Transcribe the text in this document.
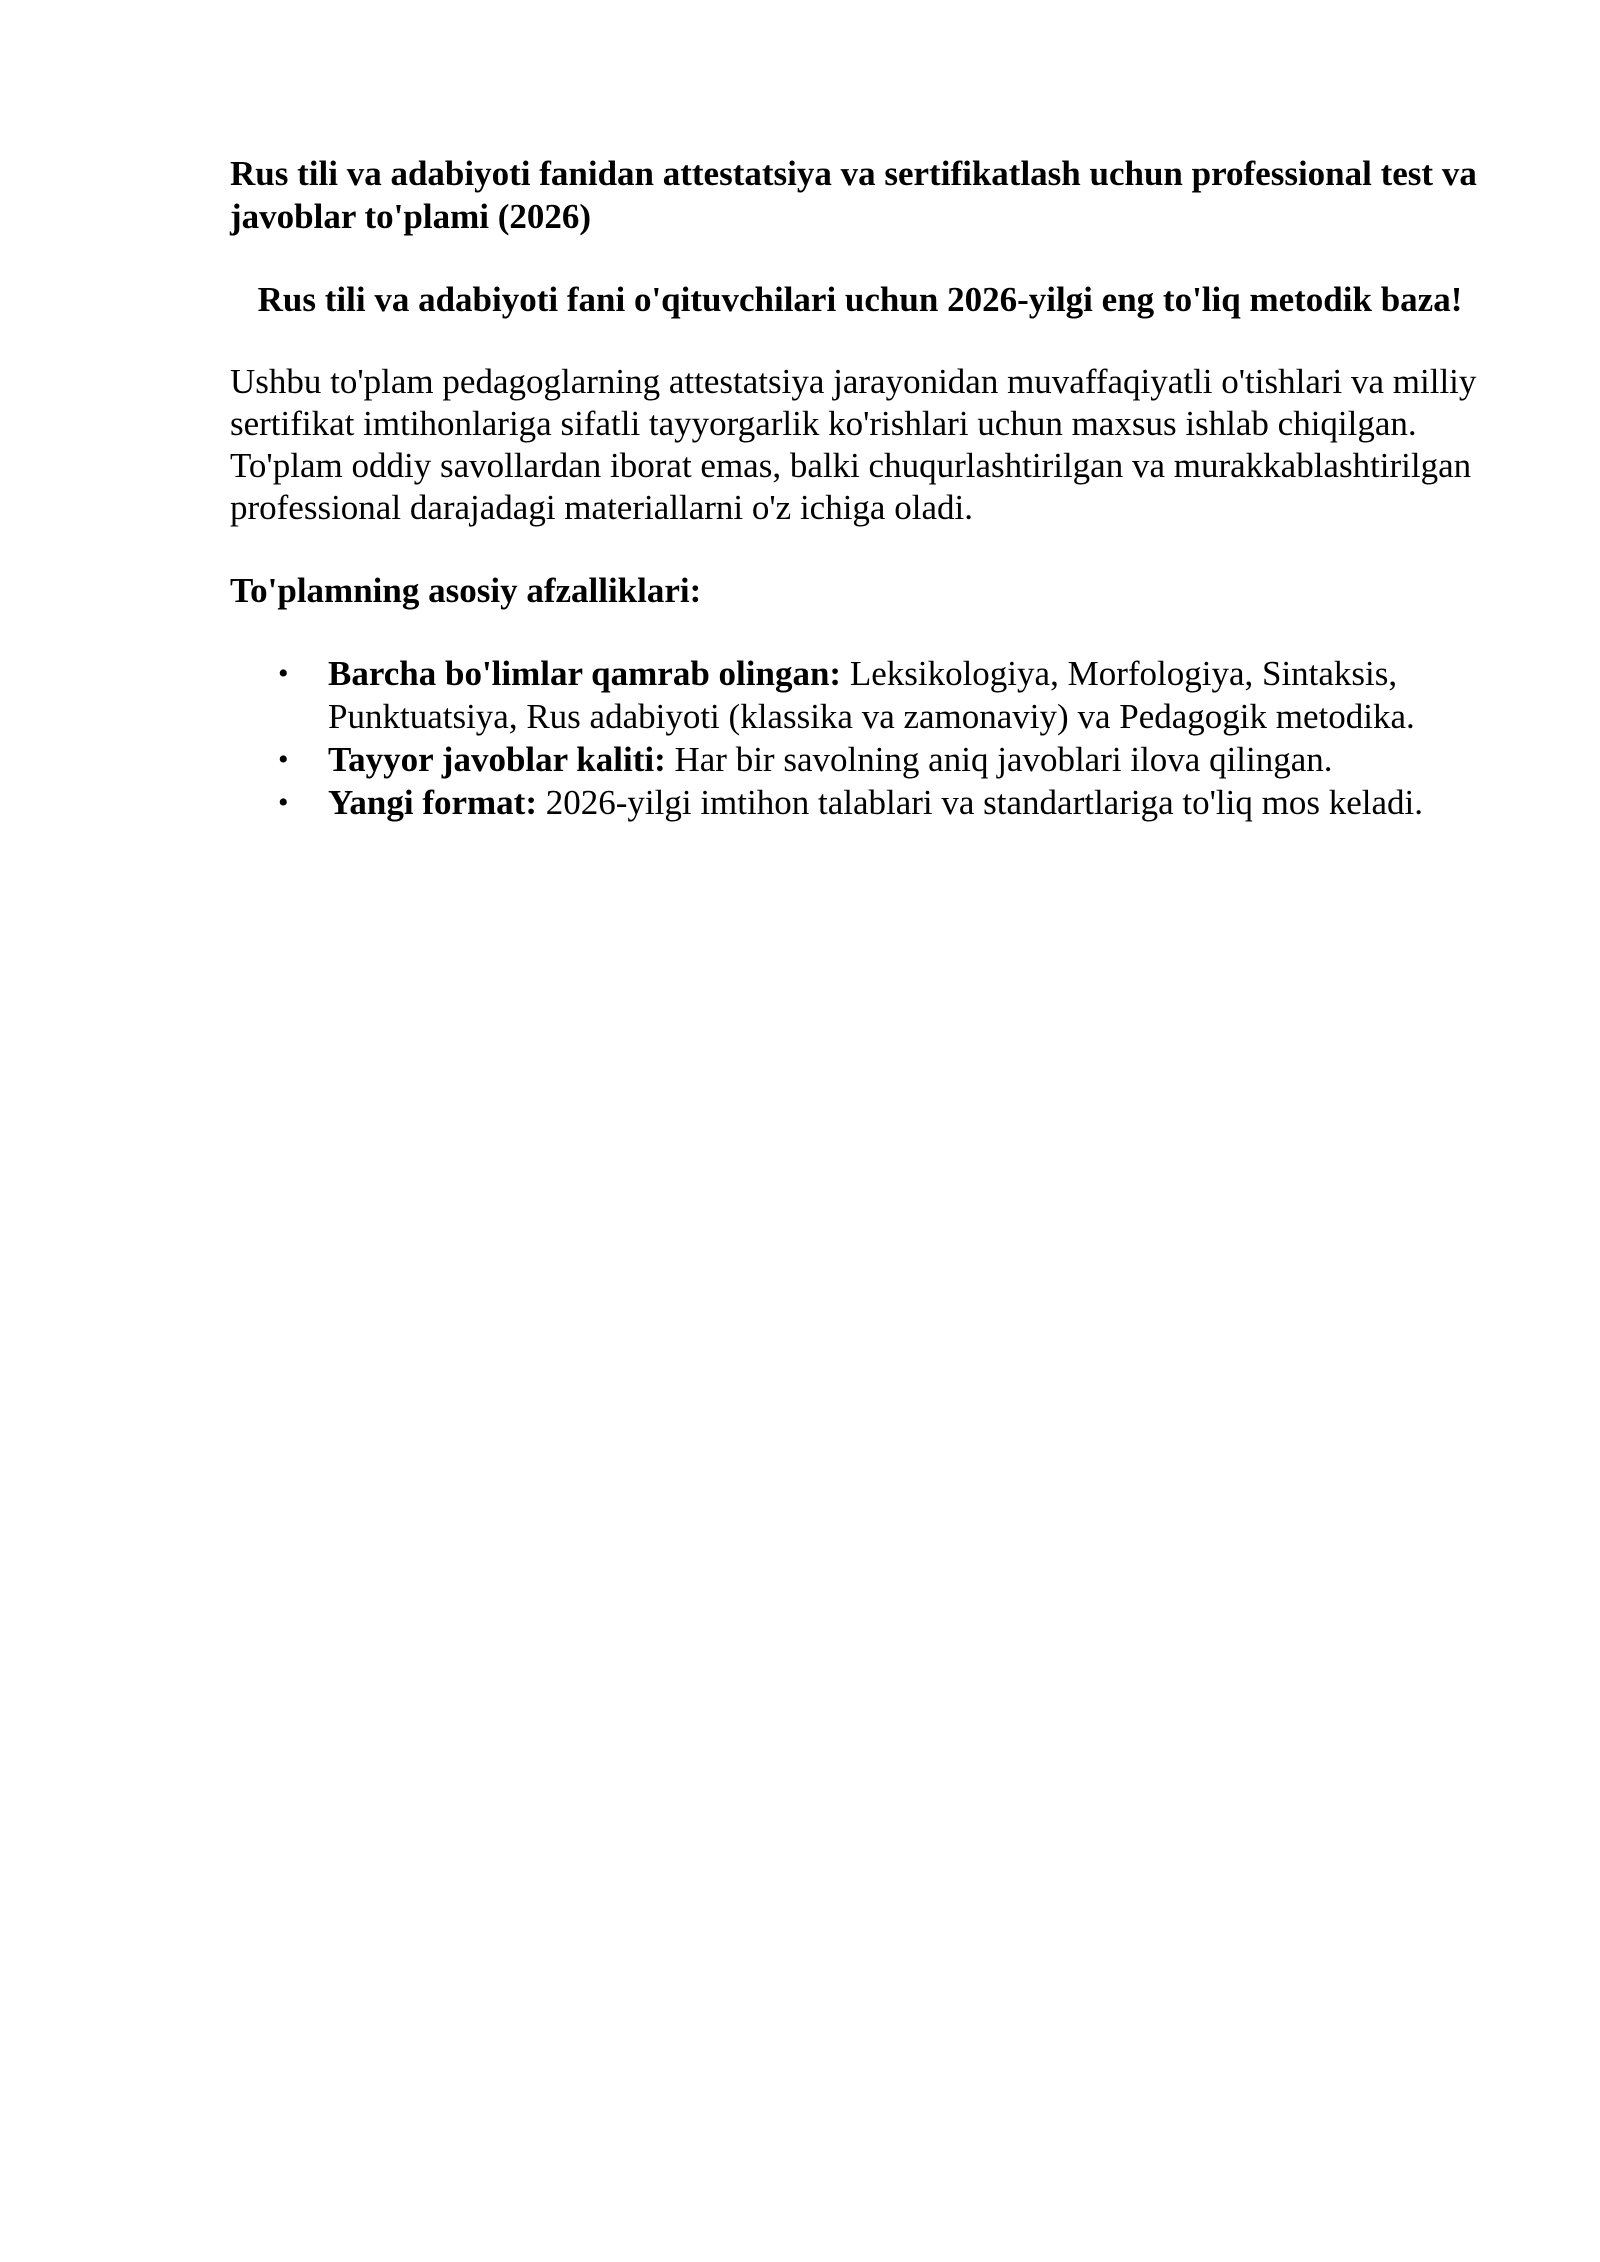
Rus tili va adabiyoti fanidan attestatsiya va sertifikatlash uchun professional test va javoblar to'plami (2026)

Rus tili va adabiyoti fani o'qituvchilari uchun 2026-yilgi eng to'liq metodik baza!

Ushbu to'plam pedagoglarning attestatsiya jarayonidan muvaffaqiyatli o'tishlari va milliy sertifikat imtihonlariga sifatli tayyorgarlik ko'rishlari uchun maxsus ishlab chiqilgan. To'plam oddiy savollardan iborat emas, balki chuqurlashtirilgan va murakkablashtirilgan professional darajadagi materiallarni o'z ichiga oladi.

To'plamning asosiy afzalliklari:

• Barcha bo'limlar qamrab olingan: Leksikologiya, Morfologiya, Sintaksis, Punktuatsiya, Rus adabiyoti (klassika va zamonaviy) va Pedagogik metodika.
• Tayyor javoblar kaliti: Har bir savolning aniq javoblari ilova qilingan.
• Yangi format: 2026-yilgi imtihon talablari va standartlariga to'liq mos keladi.
